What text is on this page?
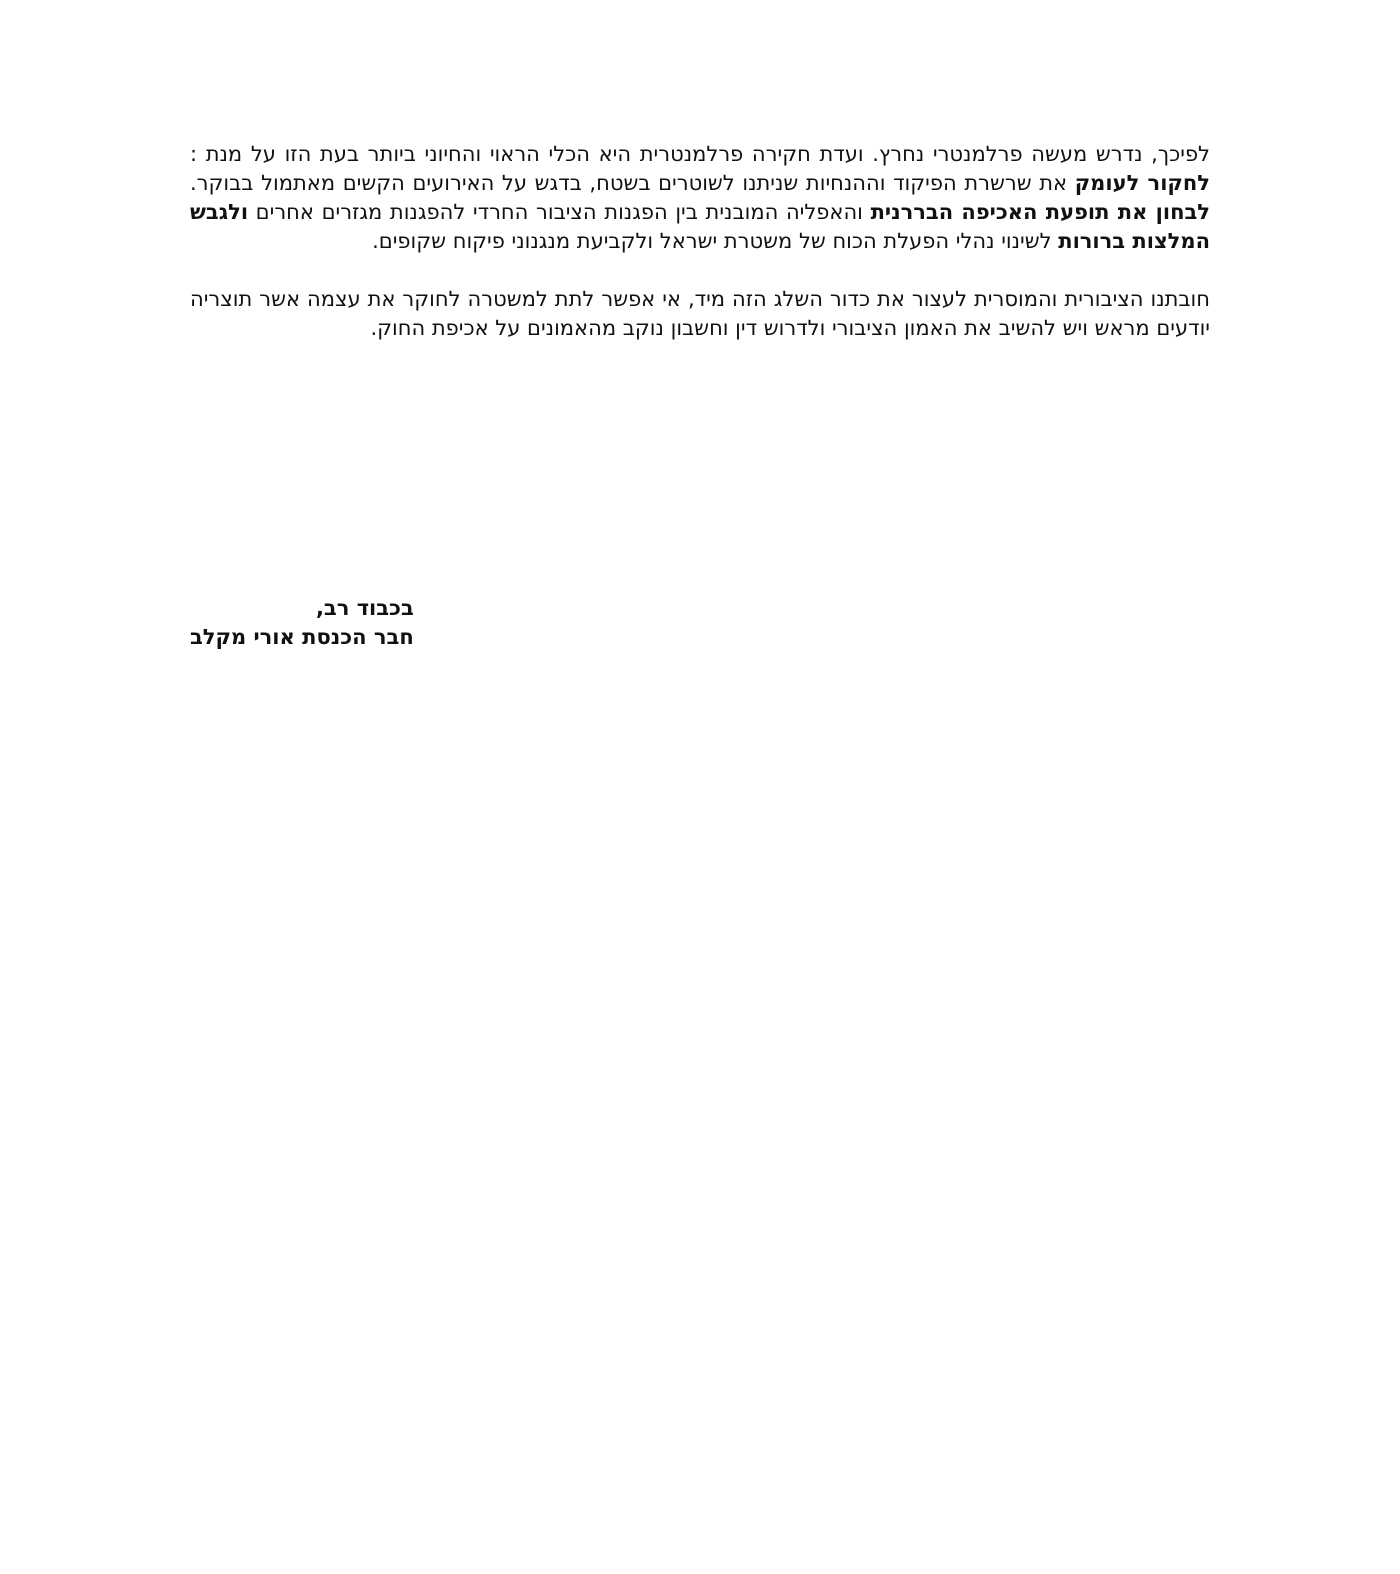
לפיכך, נדרש מעשה פרלמנטרי נחרץ. ועדת חקירה פרלמנטרית היא הכלי הראוי והחיוני ביותר בעת הזו על מנת : לחקור לעומק את שרשרת הפיקוד וההנחיות שניתנו לשוטרים בשטח, בדגש על האירועים הקשים מאתמול בבוקר. לבחון את תופעת האכיפה הבררנית והאפליה המובנית בין הפגנות הציבור החרדי להפגנות מגזרים אחרים ולגבש המלצות ברורות לשינוי נהלי הפעלת הכוח של משטרת ישראל ולקביעת מנגנוני פיקוח שקופים.

חובתנו הציבורית והמוסרית לעצור את כדור השלג הזה מיד, אי אפשר לתת למשטרה לחוקר את עצמה אשר תוצריה יודעים מראש ויש להשיב את האמון הציבורי ולדרוש דין וחשבון נוקב מהאמונים על אכיפת החוק.

בכבוד רב,
חבר הכנסת אורי מקלב
